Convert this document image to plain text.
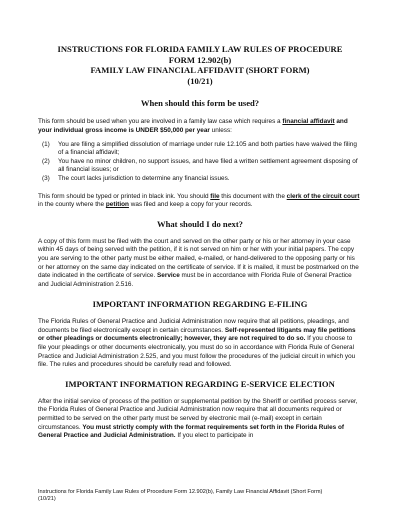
INSTRUCTIONS FOR FLORIDA FAMILY LAW RULES OF PROCEDURE

FORM 12.902(b)

FAMILY LAW FINANCIAL AFFIDAVIT (SHORT FORM)

(10/21)

When should this form be used?

This form should be used when you are involved in a family law case which requires a financial affidavit and your individual gross income is UNDER $50,000 per year unless:

(1)	You are filing a simplified dissolution of marriage under rule 12.105 and both parties have waived the filing of a financial affidavit;
(2)	You have no minor children, no support issues, and have filed a written settlement agreement disposing of all financial issues; or
(3)	The court lacks jurisdiction to determine any financial issues.

This form should be typed or printed in black ink. You should file this document with the clerk of the circuit court in the county where the petition was filed and keep a copy for your records.

What should I do next?

A copy of this form must be filed with the court and served on the other party or his or her attorney in your case within 45 days of being served with the petition, if it is not served on him or her with your initial papers. The copy you are serving to the other party must be either mailed, e-mailed, or hand-delivered to the opposing party or his or her attorney on the same day indicated on the certificate of service. If it is mailed, it must be postmarked on the date indicated in the certificate of service. Service must be in accordance with Florida Rule of General Practice and Judicial Administration 2.516.

IMPORTANT INFORMATION REGARDING E-FILING

The Florida Rules of General Practice and Judicial Administration now require that all petitions, pleadings, and documents be filed electronically except in certain circumstances. Self-represented litigants may file petitions or other pleadings or documents electronically; however, they are not required to do so. If you choose to file your pleadings or other documents electronically, you must do so in accordance with Florida Rule of General Practice and Judicial Administration 2.525, and you must follow the procedures of the judicial circuit in which you file. The rules and procedures should be carefully read and followed.

IMPORTANT INFORMATION REGARDING E-SERVICE ELECTION

After the initial service of process of the petition or supplemental petition by the Sheriff or certified process server, the Florida Rules of General Practice and Judicial Administration now require that all documents required or permitted to be served on the other party must be served by electronic mail (e-mail) except in certain circumstances. You must strictly comply with the format requirements set forth in the Florida Rules of General Practice and Judicial Administration. If you elect to participate in

Instructions for Florida Family Law Rules of Procedure Form 12.902(b), Family Law Financial Affidavit (Short Form)
(10/21)
